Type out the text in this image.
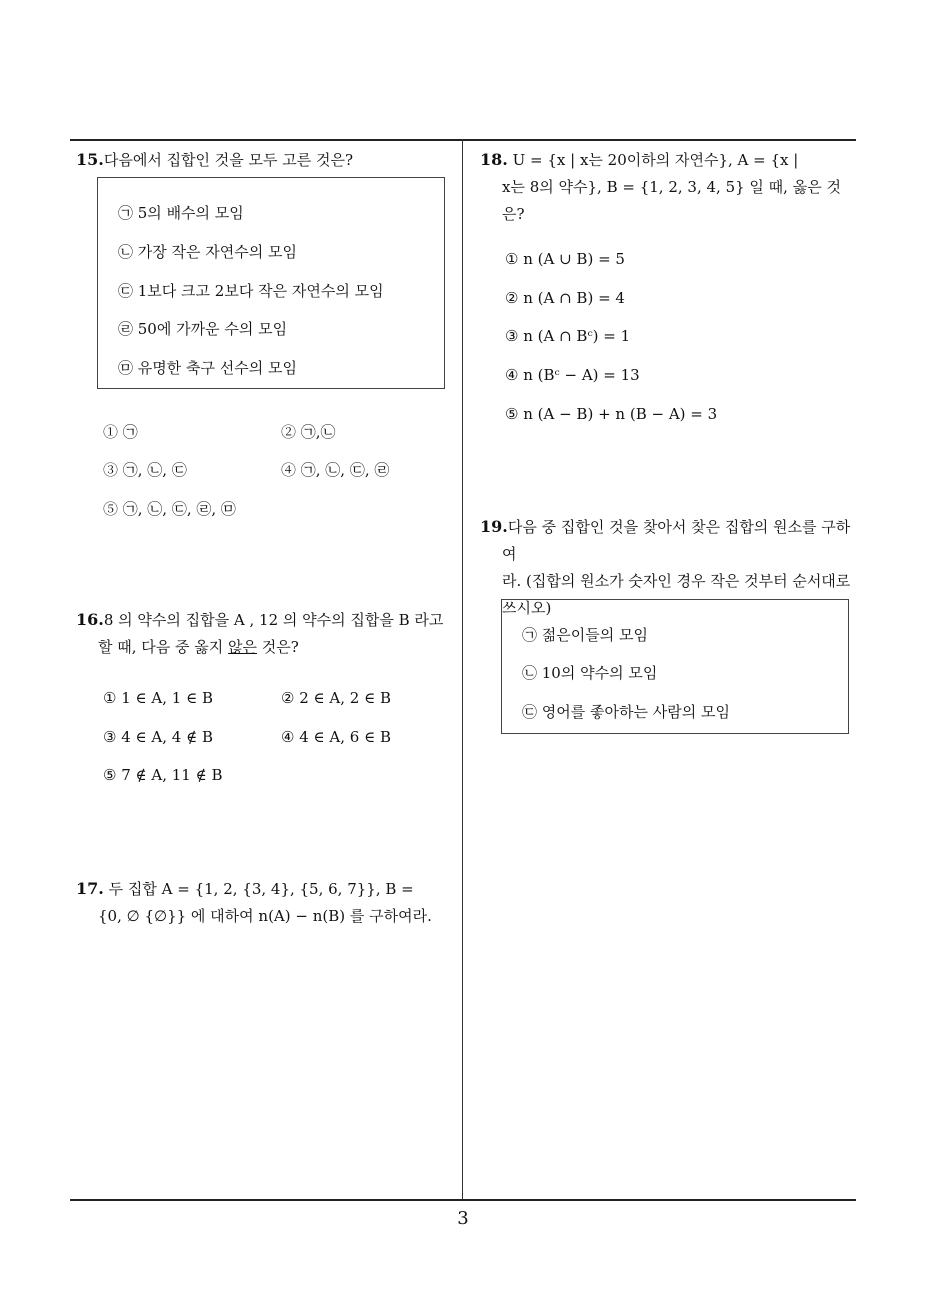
15.다음에서 집합인 것을 모두 고른 것은?
㉠ 5의 배수의 모임
㉡ 가장 작은 자연수의 모임
㉢ 1보다 크고 2보다 작은 자연수의 모임
㉣ 50에 가까운 수의 모임
㉤ 유명한 축구 선수의 모임
① ㉠	② ㉠,㉡
③ ㉠, ㉡, ㉢	④ ㉠, ㉡, ㉢, ㉣
⑤ ㉠, ㉡, ㉢, ㉣, ㉤
16.8 의 약수의 집합을 A , 12 의 약수의 집합을 B 라고
할 때, 다음 중 옳지 않은 것은?
① 1 ∈ A, 1 ∈ B	② 2 ∈ A, 2 ∈ B
③ 4 ∈ A, 4 ∉ B	④ 4 ∈ A, 6 ∈ B
⑤ 7 ∉ A, 11 ∉ B
17. 두 집합 A = {1, 2, {3, 4}, {5, 6, 7}}, B =
{0, ∅ {∅}} 에 대하여 n(A) − n(B) 를 구하여라.
18. U = {x | x는 20이하의 자연수}, A = {x |
x는 8의 약수}, B = {1, 2, 3, 4, 5} 일 때, 옳은 것
은?
① n (A ∪ B) = 5
② n (A ∩ B) = 4
③ n (A ∩ Bᶜ) = 1
④ n (Bᶜ − A) = 13
⑤ n (A − B) + n (B − A) = 3
19.다음 중 집합인 것을 찾아서 찾은 집합의 원소를 구하여
라. (집합의 원소가 숫자인 경우 작은 것부터 순서대로
쓰시오)
㉠ 젊은이들의 모임
㉡ 10의 약수의 모임
㉢ 영어를 좋아하는 사람의 모임
3
